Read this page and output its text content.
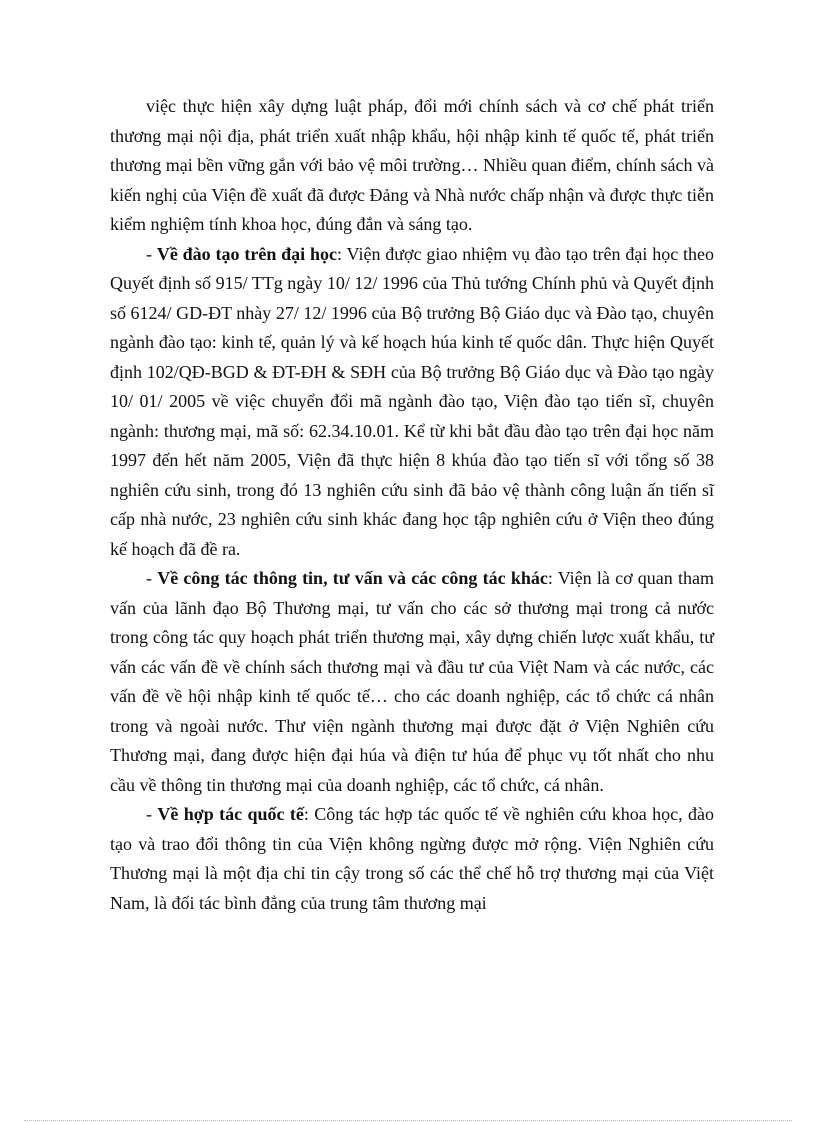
việc thực hiện xây dựng luật pháp, đổi mới chính sách và cơ chế phát triển thương mại nội địa, phát triển xuất nhập khẩu, hội nhập kinh tế quốc tế, phát triển thương mại bền vững gắn với bảo vệ môi trường… Nhiều quan điểm, chính sách và kiến nghị của Viện đề xuất đã được Đảng và Nhà nước chấp nhận và được thực tiễn kiểm nghiệm tính khoa học, đúng đắn và sáng tạo.

- Về đào tạo trên đại học: Viện được giao nhiệm vụ đào tạo trên đại học theo Quyết định số 915/ TTg ngày 10/ 12/ 1996 của Thủ tướng Chính phủ và Quyết định số 6124/ GD-ĐT nhày 27/ 12/ 1996 của Bộ trưởng Bộ Giáo dục và Đào tạo, chuyên ngành đào tạo: kinh tế, quản lý và kế hoạch húa kinh tế quốc dân. Thực hiện Quyết định 102/QĐ-BGD & ĐT-ĐH & SĐH của Bộ trưởng Bộ Giáo dục và Đào tạo ngày 10/ 01/ 2005 về việc chuyển đổi mã ngành đào tạo, Viện đào tạo tiến sĩ, chuyên ngành: thương mại, mã số: 62.34.10.01. Kể từ khi bắt đầu đào tạo trên đại học năm 1997 đến hết năm 2005, Viện đã thực hiện 8 khúa đào tạo tiến sĩ với tổng số 38 nghiên cứu sinh, trong đó 13 nghiên cứu sinh đã bảo vệ thành công luận ấn tiến sĩ cấp nhà nước, 23 nghiên cứu sinh khác đang học tập nghiên cứu ở Viện theo đúng kế hoạch đã đề ra.

- Về công tác thông tin, tư vấn và các công tác khác: Viện là cơ quan tham vấn của lãnh đạo Bộ Thương mại, tư vấn cho các sở thương mại trong cả nước trong công tác quy hoạch phát triển thương mại, xây dựng chiến lược xuất khẩu, tư vấn các vấn đề về chính sách thương mại và đầu tư của Việt Nam và các nước, các vấn đề về hội nhập kinh tế quốc tế… cho các doanh nghiệp, các tổ chức cá nhân trong và ngoài nước. Thư viện ngành thương mại được đặt ở Viện Nghiên cứu Thương mại, đang được hiện đại húa và điện tư húa để phục vụ tốt nhất cho nhu cầu về thông tin thương mại của doanh nghiệp, các tổ chức, cá nhân.

- Về hợp tác quốc tế: Công tác hợp tác quốc tế về nghiên cứu khoa học, đào tạo và trao đổi thông tin của Viện không ngừng được mở rộng. Viện Nghiên cứu Thương mại là một địa chỉ tin cậy trong số các thể chế hỗ trợ thương mại của Việt Nam, là đối tác bình đẳng của trung tâm thương mại
